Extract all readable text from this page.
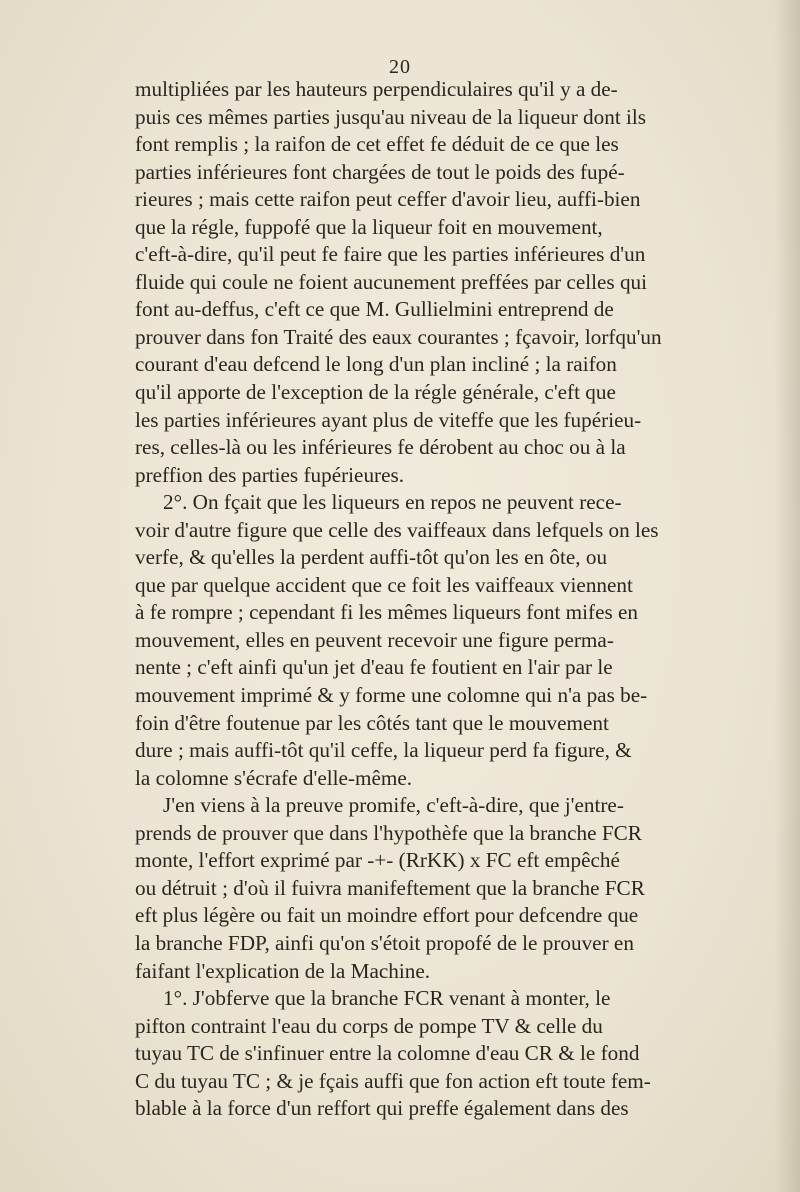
20

multipliées par les hauteurs perpendiculaires qu'il y a de-
puis ces mêmes parties jusqu'au niveau de la liqueur dont ils
font remplis ; la raifon de cet effet fe déduit de ce que les
parties inférieures font chargées de tout le poids des fupé-
rieures ; mais cette raifon peut ceffer d'avoir lieu, auffi-bien
que la régle, fuppofé que la liqueur foit en mouvement,
c'eft-à-dire, qu'il peut fe faire que les parties inférieures d'un
fluide qui coule ne foient aucunement preffées par celles qui
font au-deffus, c'eft ce que M. Gullielmini entreprend de
prouver dans fon Traité des eaux courantes ; fçavoir, lorfqu'un
courant d'eau defcend le long d'un plan incliné ; la raifon
qu'il apporte de l'exception de la régle générale, c'eft que
les parties inférieures ayant plus de viteffe que les fupérieu-
res, celles-là ou les inférieures fe dérobent au choc ou à la
preffion des parties fupérieures.

2°. On fçait que les liqueurs en repos ne peuvent rece-
voir d'autre figure que celle des vaiffeaux dans lefquels on les
verfe, & qu'elles la perdent auffi-tôt qu'on les en ôte, ou
que par quelque accident que ce foit les vaiffeaux viennent
à fe rompre ; cependant fi les mêmes liqueurs font mifes en
mouvement, elles en peuvent recevoir une figure perma-
nente ; c'eft ainfi qu'un jet d'eau fe foutient en l'air par le
mouvement imprimé & y forme une colomne qui n'a pas be-
foin d'être foutenue par les côtés tant que le mouvement
dure ; mais auffi-tôt qu'il ceffe, la liqueur perd fa figure, &
la colomne s'écrafe d'elle-même.

J'en viens à la preuve promife, c'eft-à-dire, que j'entre-
prends de prouver que dans l'hypothèfe que la branche FCR
monte, l'effort exprimé par -+- (RrKK) x FC eft empêché
ou détruit ; d'où il fuivra manifeftement que la branche FCR
eft plus légère ou fait un moindre effort pour defcendre que
la branche FDP, ainfi qu'on s'étoit propofé de le prouver en
faifant l'explication de la Machine.

1°. J'obferve que la branche FCR venant à monter, le
pifton contraint l'eau du corps de pompe TV & celle du
tuyau TC de s'infinuer entre la colomne d'eau CR & le fond
C du tuyau TC ; & je fçais auffi que fon action eft toute fem-
blable à la force d'un reffort qui preffe également dans des
